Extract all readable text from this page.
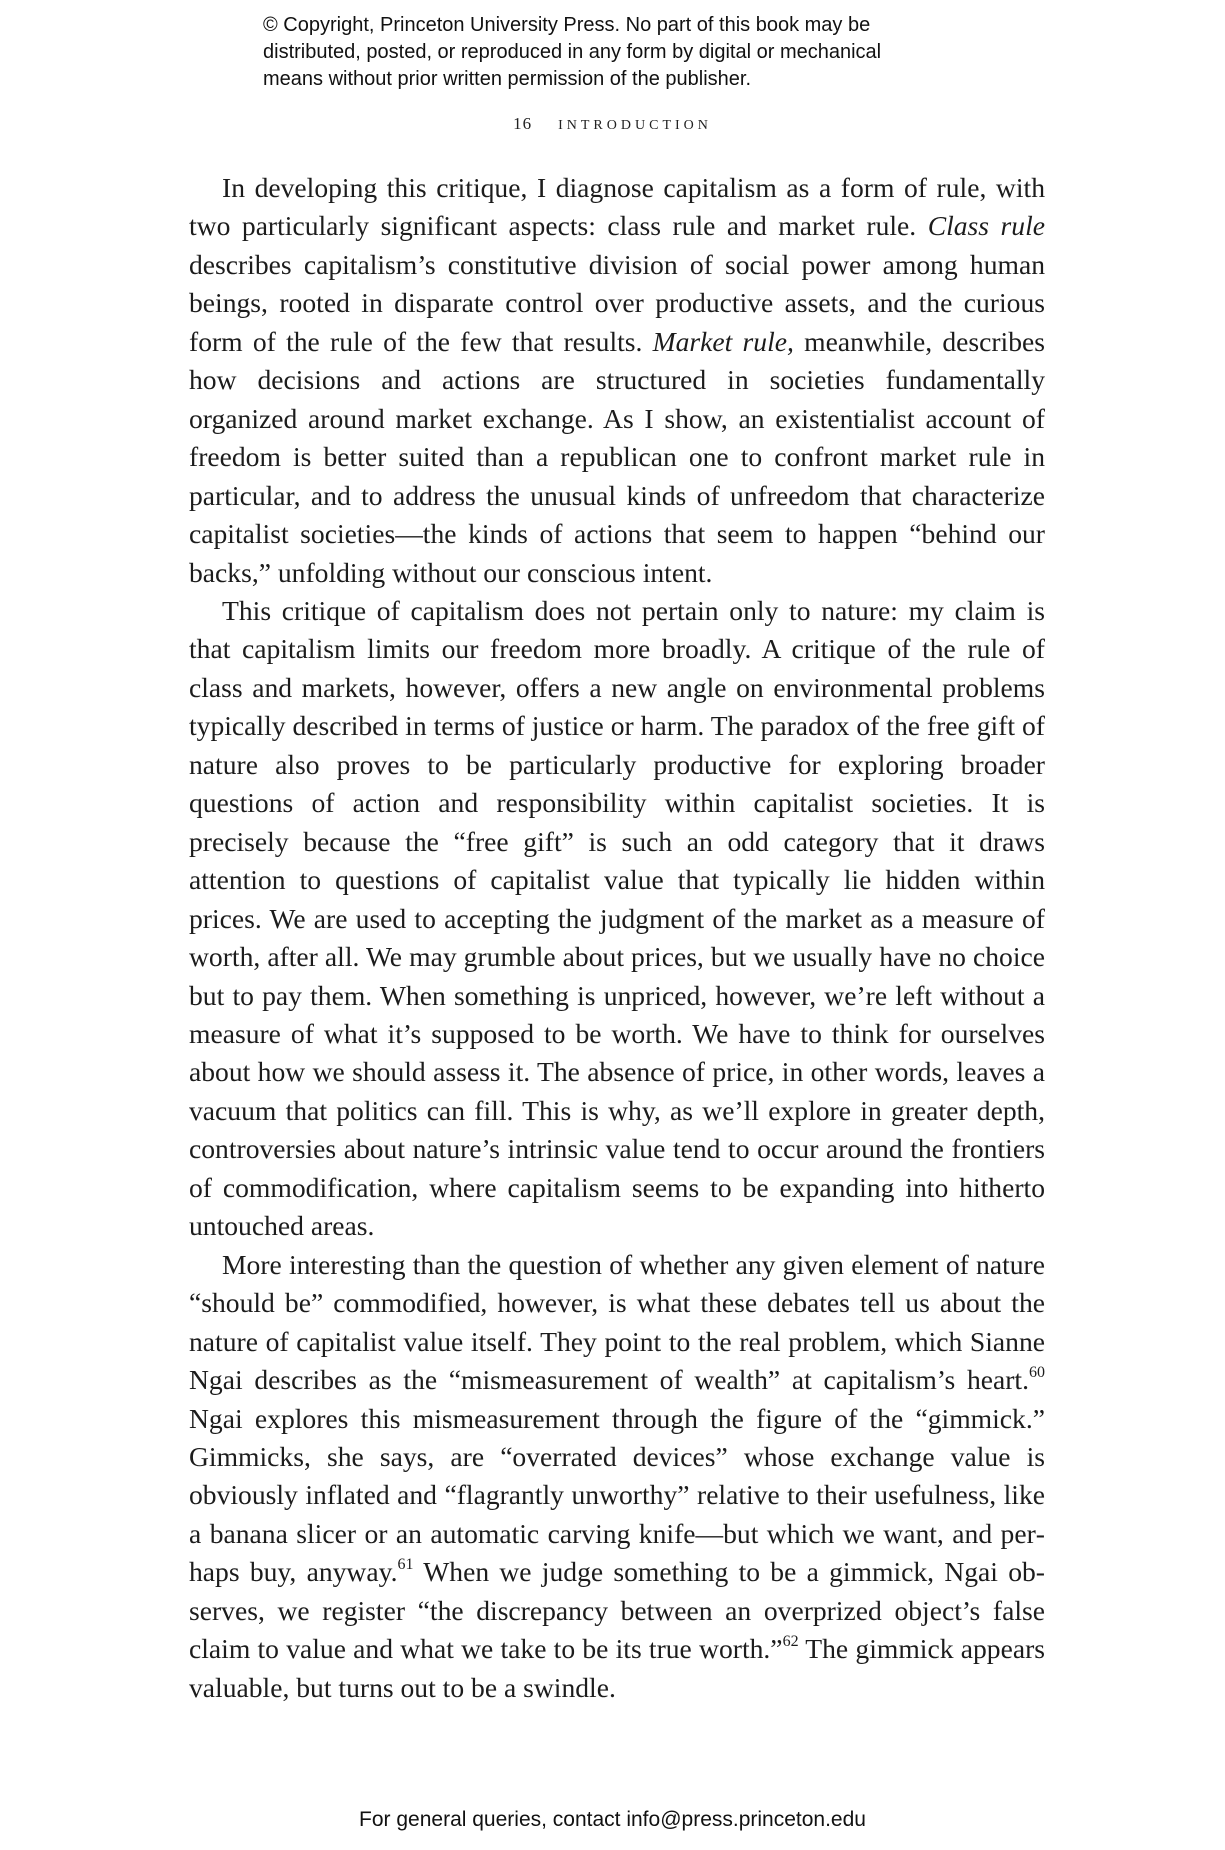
© Copyright, Princeton University Press. No part of this book may be
distributed, posted, or reproduced in any form by digital or mechanical
means without prior written permission of the publisher.
16 introduction

In developing this critique, I diagnose capitalism as a form of rule, with two particularly significant aspects: class rule and market rule. Class rule describes capitalism’s constitutive division of social power among human beings, rooted in disparate control over productive assets, and the curious form of the rule of the few that results. Market rule, meanwhile, describes how decisions and actions are structured in societies fundamentally organized around market exchange. As I show, an existentialist account of freedom is better suited than a republican one to confront market rule in particular, and to address the unusual kinds of unfreedom that characterize capitalist societies—the kinds of actions that seem to happen “behind our backs,” unfolding without our conscious intent.

This critique of capitalism does not pertain only to nature: my claim is that capitalism limits our freedom more broadly. A critique of the rule of class and markets, however, offers a new angle on environmental problems typically described in terms of justice or harm. The paradox of the free gift of nature also proves to be particularly productive for exploring broader questions of action and responsibility within capitalist societies. It is precisely because the “free gift” is such an odd category that it draws attention to questions of capitalist value that typically lie hidden within prices. We are used to accepting the judgment of the market as a measure of worth, after all. We may grumble about prices, but we usually have no choice but to pay them. When something is unpriced, however, we’re left without a measure of what it’s supposed to be worth. We have to think for ourselves about how we should assess it. The absence of price, in other words, leaves a vacuum that politics can fill. This is why, as we’ll explore in greater depth, controversies about nature’s intrinsic value tend to occur around the frontiers of commodification, where capitalism seems to be expanding into hitherto untouched areas.

More interesting than the question of whether any given element of nature “should be” commodified, however, is what these debates tell us about the nature of capitalist value itself. They point to the real problem, which Sianne Ngai describes as the “mismeasurement of wealth” at capitalism’s heart.$^{60}$ Ngai explores this mismeasurement through the figure of the “gimmick.” Gimmicks, she says, are “overrated devices” whose exchange value is obviously inflated and “flagrantly unworthy” relative to their usefulness, like a banana slicer or an automatic carving knife—but which we want, and perhaps buy, anyway.$^{61}$ When we judge something to be a gimmick, Ngai observes, we register “the discrepancy between an overprized object’s false claim to value and what we take to be its true worth.”$^{62}$ The gimmick appears valuable, but turns out to be a swindle.

For general queries, contact info@press.princeton.edu
